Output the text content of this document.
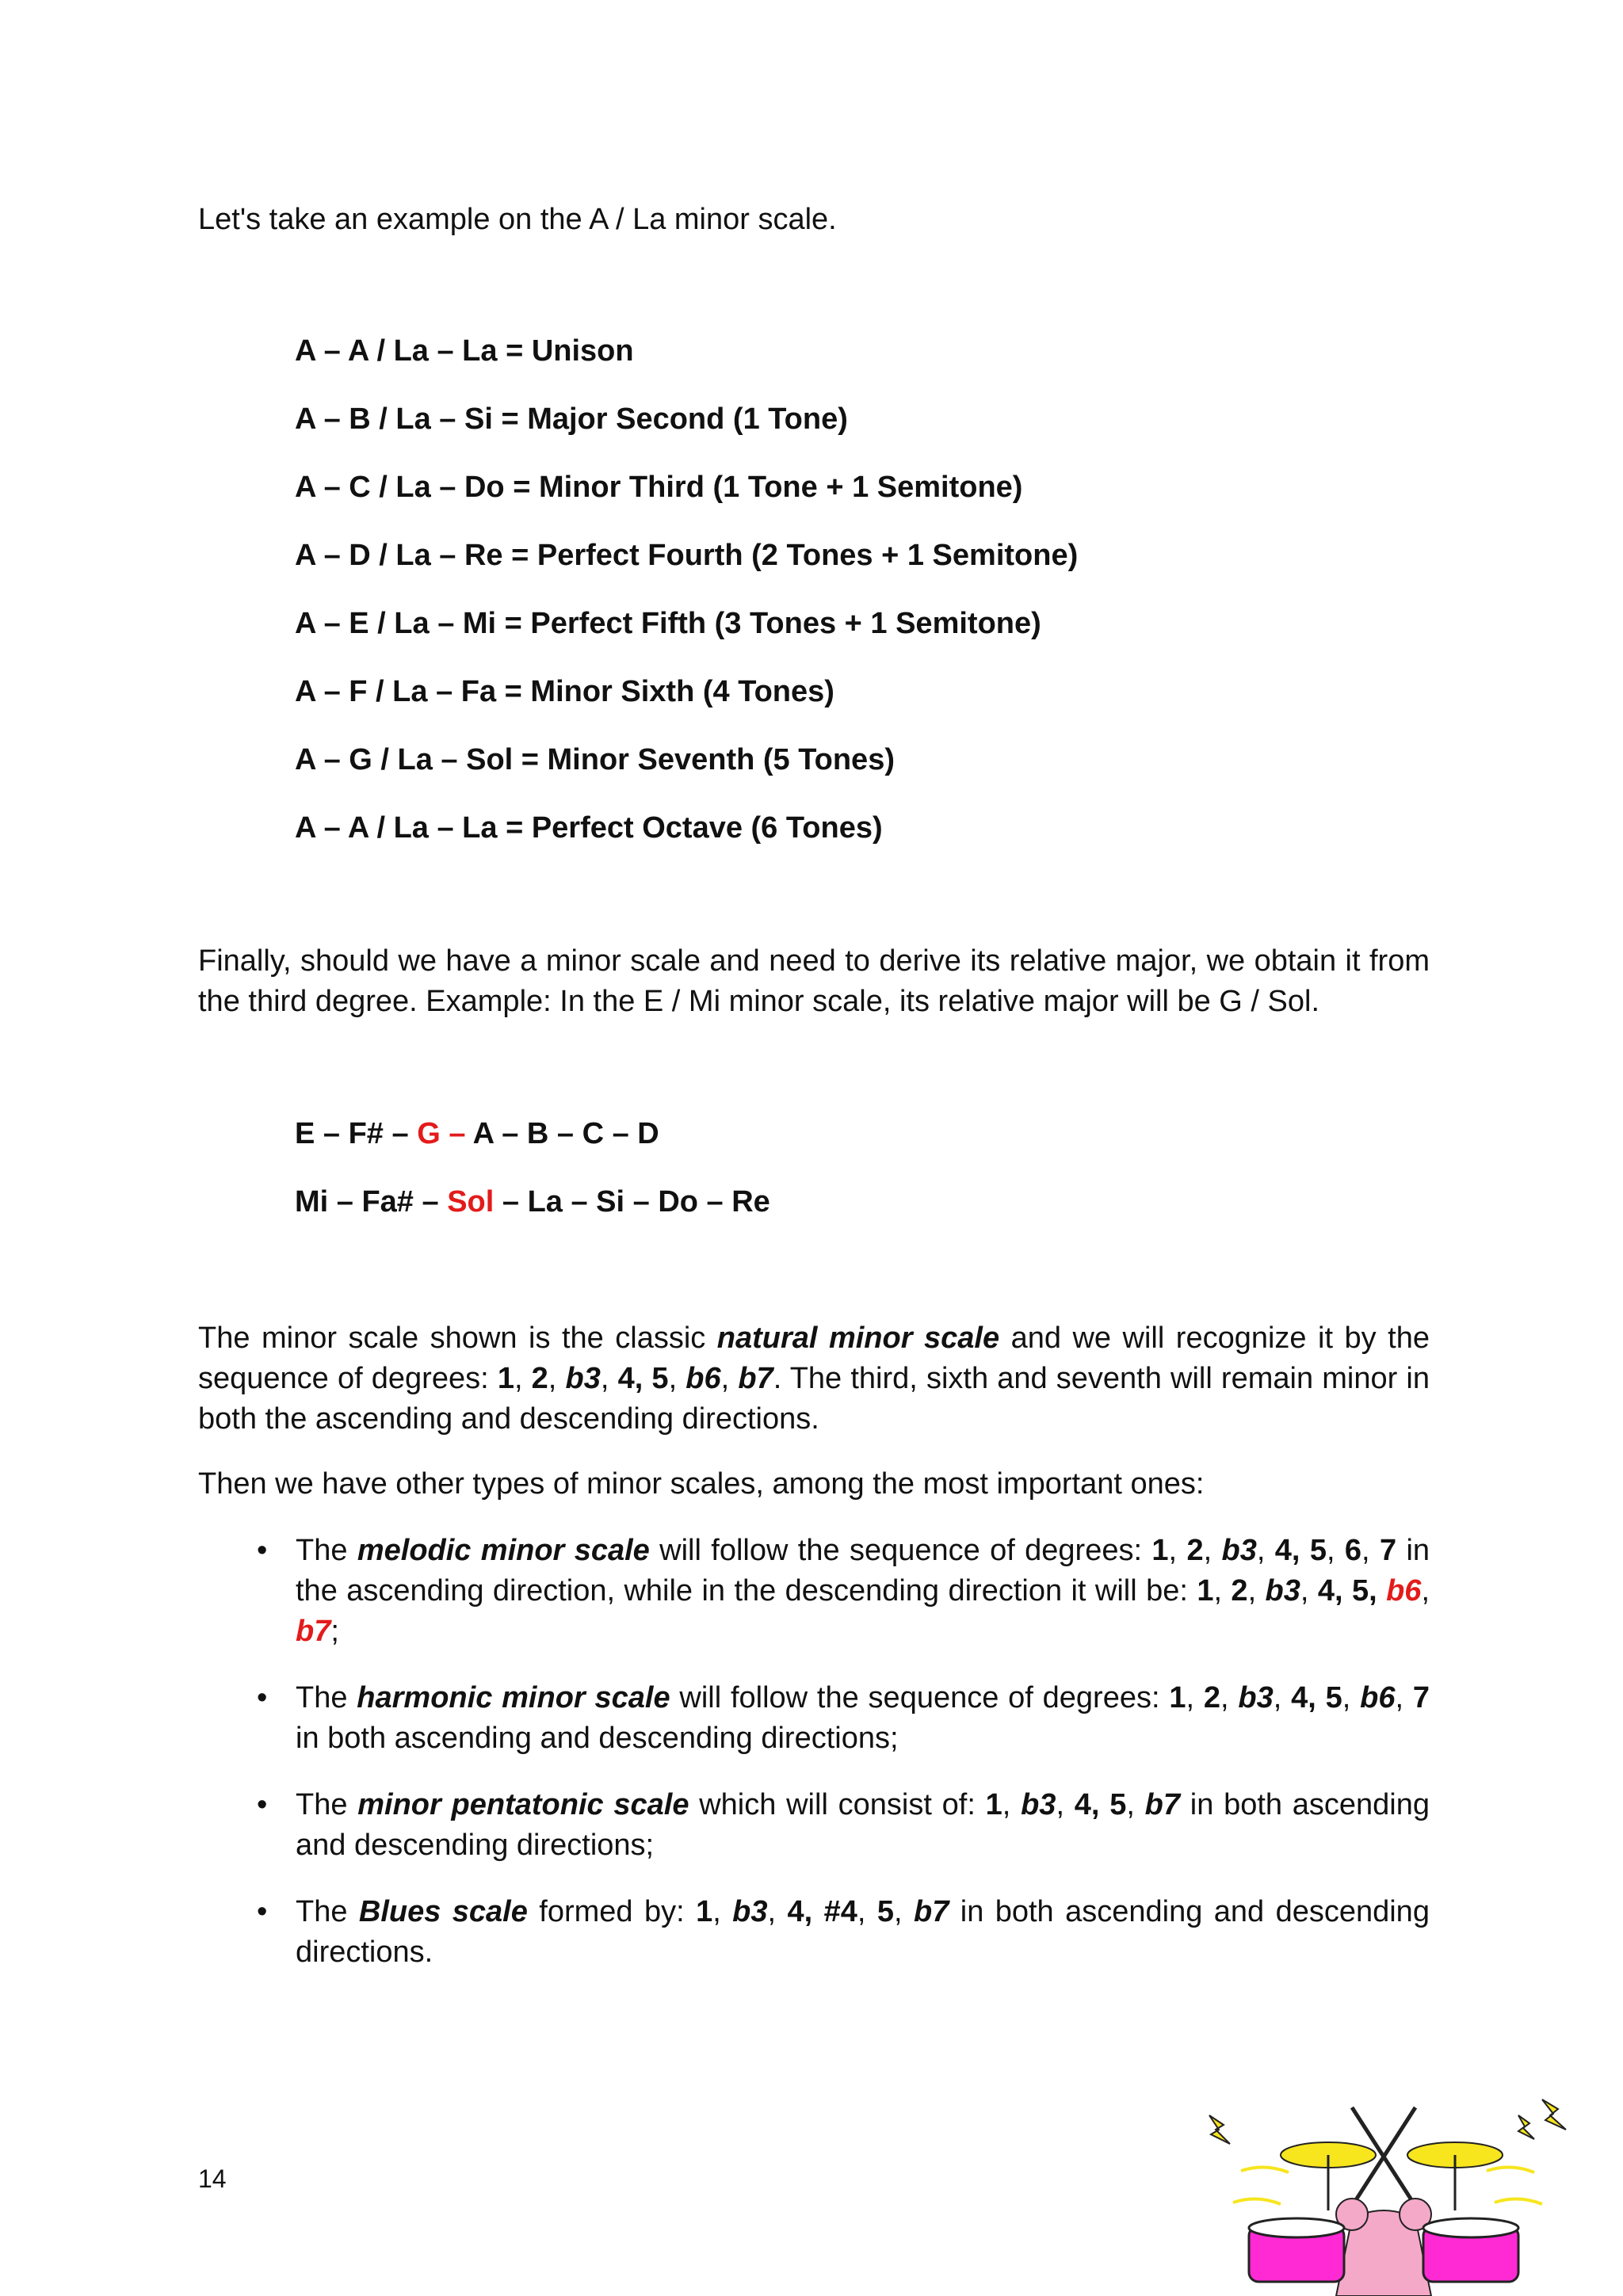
Let's take an example on the A / La minor scale.
A – A / La – La = Unison
A – B / La – Si = Major Second (1 Tone)
A – C / La – Do = Minor Third (1 Tone + 1 Semitone)
A – D / La – Re = Perfect Fourth (2 Tones + 1 Semitone)
A – E / La – Mi = Perfect Fifth (3 Tones + 1 Semitone)
A – F / La – Fa = Minor Sixth (4 Tones)
A – G / La – Sol = Minor Seventh (5 Tones)
A – A / La – La = Perfect Octave (6 Tones)
Finally, should we have a minor scale and need to derive its relative major, we obtain it from the third degree. Example: In the E / Mi minor scale, its relative major will be G / Sol.
E – F# – G – A – B – C – D
Mi – Fa# – Sol – La – Si – Do – Re
The minor scale shown is the classic natural minor scale and we will recognize it by the sequence of degrees: 1, 2, b3, 4, 5, b6, b7. The third, sixth and seventh will remain minor in both the ascending and descending directions.
Then we have other types of minor scales, among the most important ones:
• The melodic minor scale will follow the sequence of degrees: 1, 2, b3, 4, 5, 6, 7 in the ascending direction, while in the descending direction it will be: 1, 2, b3, 4, 5, b6, b7;
• The harmonic minor scale will follow the sequence of degrees: 1, 2, b3, 4, 5, b6, 7 in both ascending and descending directions;
• The minor pentatonic scale which will consist of: 1, b3, 4, 5, b7 in both ascending and descending directions;
• The Blues scale formed by: 1, b3, 4, #4, 5, b7 in both ascending and descending directions.
14
